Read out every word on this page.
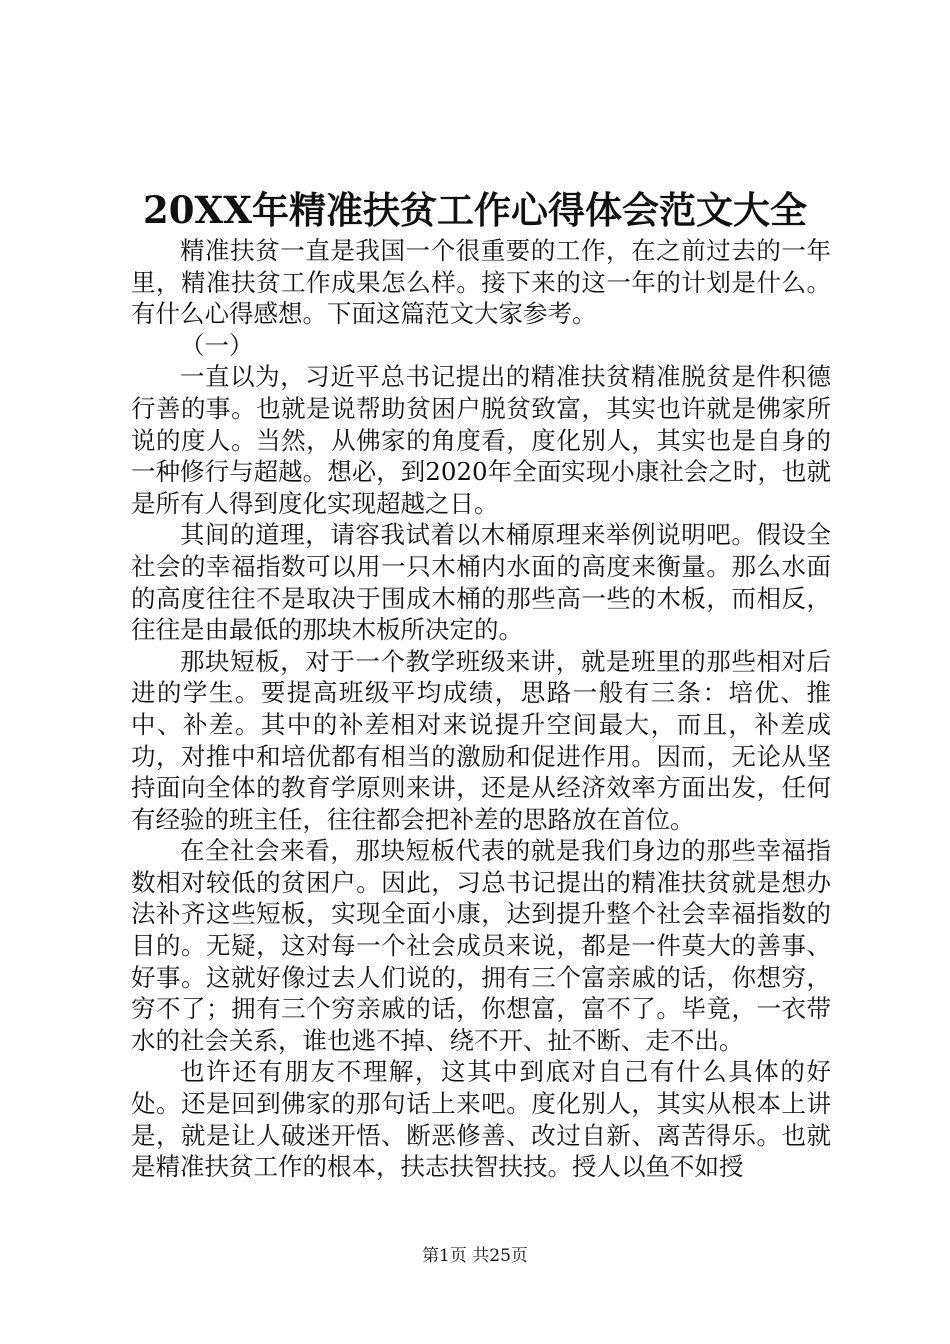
20XX年精准扶贫工作心得体会范文大全

精准扶贫一直是我国一个很重要的工作，在之前过去的一年里，精准扶贫工作成果怎么样。接下来的这一年的计划是什么。有什么心得感想。下面这篇范文大家参考。

（一）

一直以为，习近平总书记提出的精准扶贫精准脱贫是件积德行善的事。也就是说帮助贫困户脱贫致富，其实也许就是佛家所说的度人。当然，从佛家的角度看，度化别人，其实也是自身的一种修行与超越。想必，到2020年全面实现小康社会之时，也就是所有人得到度化实现超越之日。

其间的道理，请容我试着以木桶原理来举例说明吧。假设全社会的幸福指数可以用一只木桶内水面的高度来衡量。那么水面的高度往往不是取决于围成木桶的那些高一些的木板，而相反，往往是由最低的那块木板所决定的。

那块短板，对于一个教学班级来讲，就是班里的那些相对后进的学生。要提高班级平均成绩，思路一般有三条：培优、推中、补差。其中的补差相对来说提升空间最大，而且，补差成功，对推中和培优都有相当的激励和促进作用。因而，无论从坚持面向全体的教育学原则来讲，还是从经济效率方面出发，任何有经验的班主任，往往都会把补差的思路放在首位。

在全社会来看，那块短板代表的就是我们身边的那些幸福指数相对较低的贫困户。因此，习总书记提出的精准扶贫就是想办法补齐这些短板，实现全面小康，达到提升整个社会幸福指数的目的。无疑，这对每一个社会成员来说，都是一件莫大的善事、好事。这就好像过去人们说的，拥有三个富亲戚的话，你想穷，穷不了；拥有三个穷亲戚的话，你想富，富不了。毕竟，一衣带水的社会关系，谁也逃不掉、绕不开、扯不断、走不出。

也许还有朋友不理解，这其中到底对自己有什么具体的好处。还是回到佛家的那句话上来吧。度化别人，其实从根本上讲是，就是让人破迷开悟、断恶修善、改过自新、离苦得乐。也就是精准扶贫工作的根本，扶志扶智扶技。授人以鱼不如授

第1页 共25页
